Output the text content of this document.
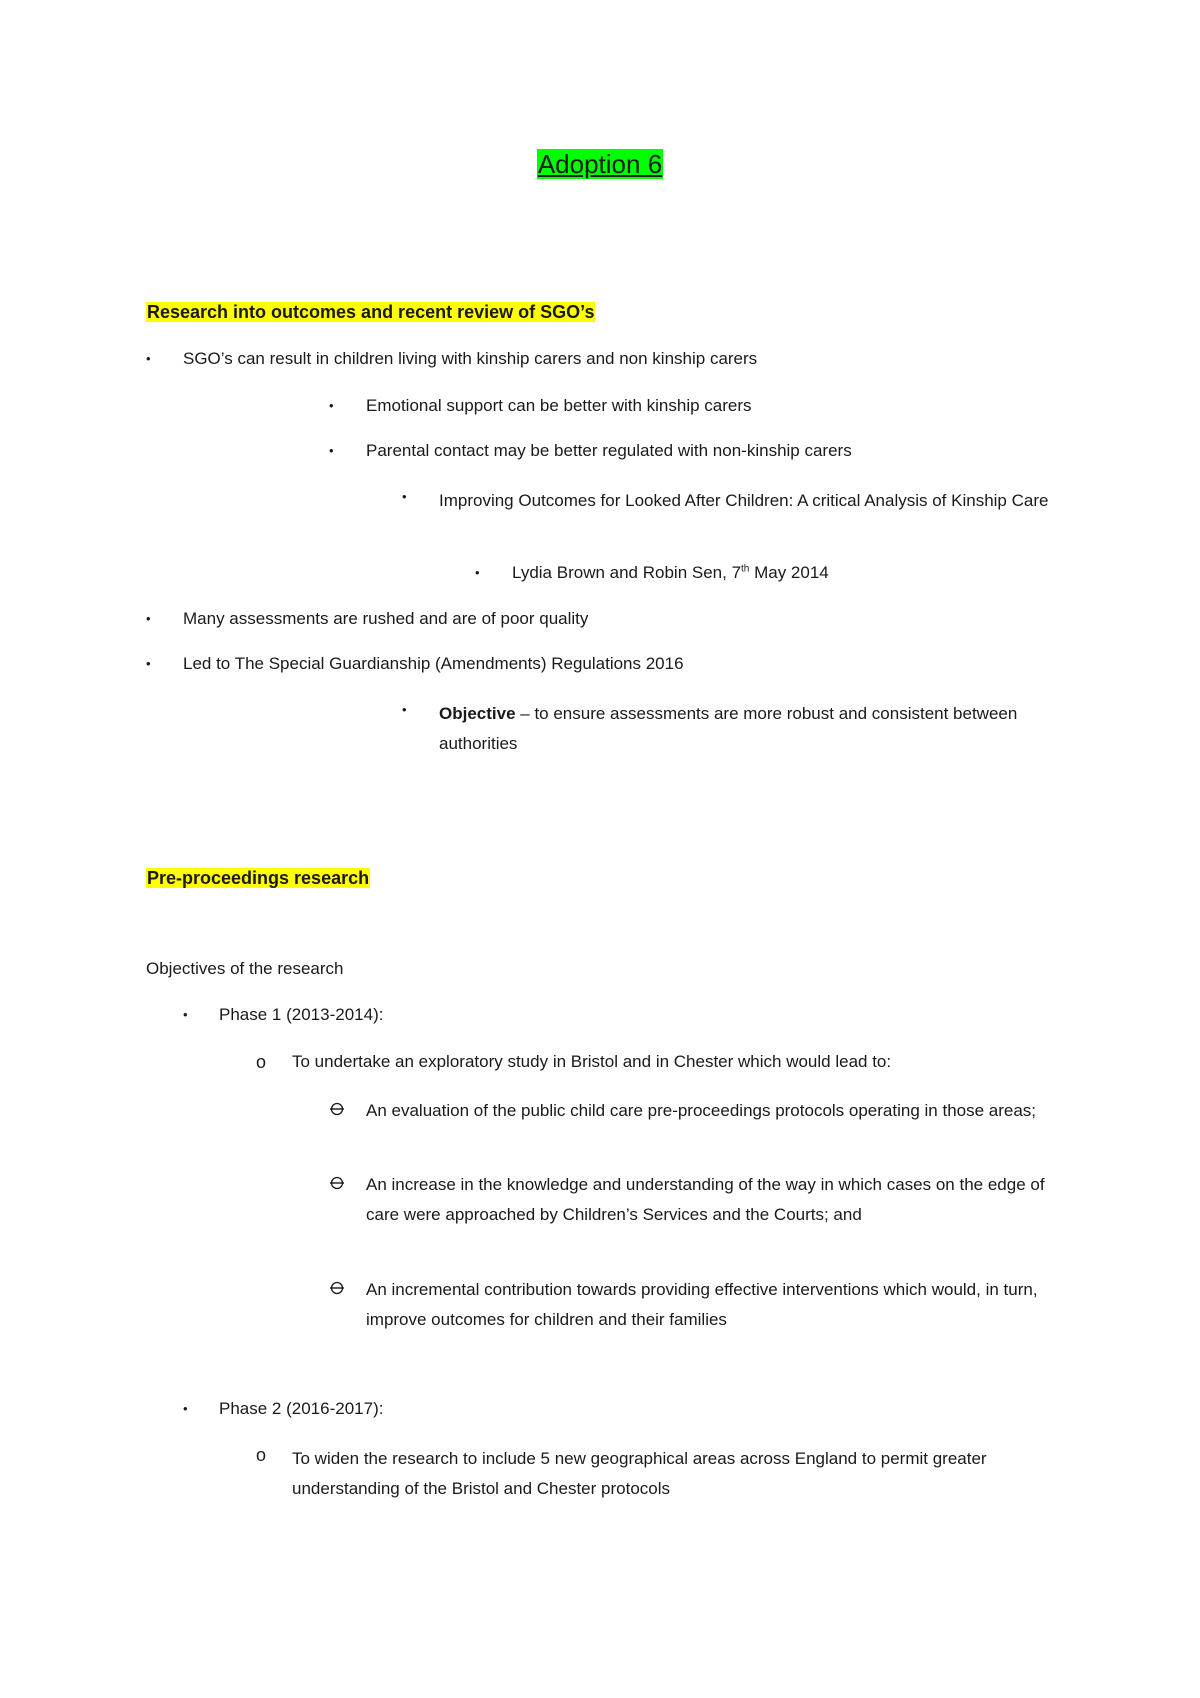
Adoption 6
Research into outcomes and recent review of SGO’s
• SGO’s can result in children living with kinship carers and non kinship carers
• Emotional support can be better with kinship carers
• Parental contact may be better regulated with non-kinship carers
• Improving Outcomes for Looked After Children: A critical Analysis of Kinship Care
• Lydia Brown and Robin Sen, 7th May 2014
• Many assessments are rushed and are of poor quality
• Led to The Special Guardianship (Amendments) Regulations 2016
• Objective – to ensure assessments are more robust and consistent between authorities
Pre-proceedings research
Objectives of the research
• Phase 1 (2013-2014):
o To undertake an exploratory study in Bristol and in Chester which would lead to:
An evaluation of the public child care pre-proceedings protocols operating in those areas;
An increase in the knowledge and understanding of the way in which cases on the edge of care were approached by Children’s Services and the Courts; and
An incremental contribution towards providing effective interventions which would, in turn, improve outcomes for children and their families
• Phase 2 (2016-2017):
o To widen the research to include 5 new geographical areas across England to permit greater understanding of the Bristol and Chester protocols
